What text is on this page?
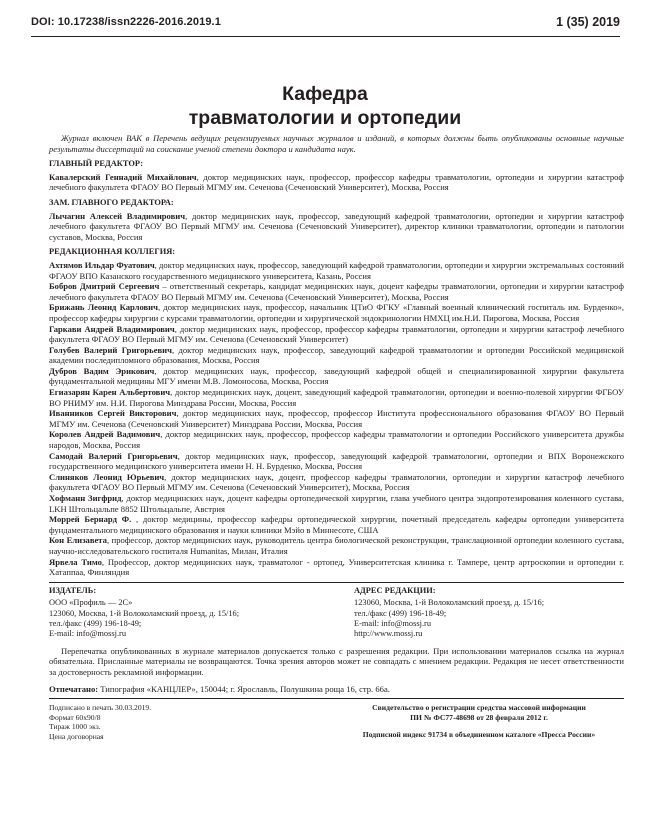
DOI: 10.17238/issn2226-2016.2019.1	1 (35) 2019
Кафедра
травматологии и ортопедии

Журнал включен ВАК в Перечень ведущих рецензируемых научных журналов и изданий, в которых должны быть опубликованы основные научные результаты диссертаций на соискание ученой степени доктора и кандидата наук.

ГЛАВНЫЙ РЕДАКТОР:

Кавалерский Геннадий Михайлович, доктор медицинских наук, профессор, профессор кафедры травматологии, ортопедии и хирургии катастроф лечебного факультета ФГАОУ ВО Первый МГМУ им. Сеченова (Сеченовский Университет), Москва, Россия

ЗАМ. ГЛАВНОГО РЕДАКТОРА:

Лычагин Алексей Владимирович, доктор медицинских наук, профессор, заведующий кафедрой травматологии, ортопедии и хирургии катастроф лечебного факультета ФГАОУ ВО Первый МГМУ им. Сеченова (Сеченовский Университет), директор клиники травматологии, ортопедии и патологии суставов, Москва, Россия

РЕДАКЦИОННАЯ КОЛЛЕГИЯ:

Ахтямов Ильдар Фуатович, доктор медицинских наук, профессор, заведующий кафедрой травматологии, ортопедии и хирургии экстремальных состояний ФГАОУ ВПО Казанского государственного медицинского университета, Казань, Россия

Бобров Дмитрий Сергеевич – ответственный секретарь, кандидат медицинских наук, доцент кафедры травматологии, ортопедии и хирургии катастроф лечебного факультета ФГАОУ ВО Первый МГМУ им. Сеченова (Сеченовский Университет), Москва, Россия

Брижань Леонид Карлович, доктор медицинских наук, профессор, начальник ЦТиО ФГКУ «Главный военный клинический госпиталь им. Бурденко», профессор кафедры хирургии с курсами травматологии, ортопедии и хирургической эндокринологии НМХЦ им.Н.И. Пирогова, Москва, Россия

Гаркави Андрей Владимирович, доктор медицинских наук, профессор, профессор кафедры травматологии, ортопедии и хирургии катастроф лечебного факультета ФГАОУ ВО Первый МГМУ им. Сеченова (Сеченовский Университет)

Голубев Валерий Григорьевич, доктор медицинских наук, профессор, заведующий кафедрой травматологии и ортопедии Российской медицинской академии последипломного образования, Москва, Россия

Дубров Вадим Эрикович, доктор медицинских наук, профессор, заведующий кафедрой общей и специализированной хирургии факультета фундаментальной медицины МГУ имени М.В. Ломоносова, Москва, Россия

Егиазарян Карен Альбертович, доктор медицинских наук, доцент, заведующий кафедрой травматологии, ортопедии и военно-полевой хирургии ФГБОУ ВО РНИМУ им. Н.И. Пирогова Минздрава России, Москва, Россия

Иванников Сергей Викторович, доктор медицинских наук, профессор, профессор Института профессионального образования ФГАОУ ВО Первый МГМУ им. Сеченова (Сеченовский Университет) Минздрава России, Москва, Россия

Королев Андрей Вадимович, доктор медицинских наук, профессор, профессор кафедры травматологии и ортопедии Российского университета дружбы народов, Москва, Россия

Самодай Валерий Григорьевич, доктор медицинских наук, профессор, заведующий кафедрой травматологии, ортопедии и ВПХ Воронежского государственного медицинского университета имени Н. Н. Бурденко, Москва, Россия

Слиняков Леонид Юрьевич, доктор медицинских наук, доцент, профессор кафедры травматологии, ортопедии и хирургии катастроф лечебного факультета ФГАОУ ВО Первый МГМУ им. Сеченова (Сеченовский Университет), Москва, Россия

Хофманн Зигфрид, доктор медицинских наук, доцент кафедры ортопедической хирургии, глава учебного центра эндопротезирования коленного сустава, LKH Штольцальпе 8852 Штольцальпе, Австрия

Моррей Бернард Ф. , доктор медицины, профессор кафедры ортопедической хирургии, почетный председатель кафедры ортопедии университета фундаментального медицинского образования и науки клиники Мэйо в Миннесоте, США

Кон Елизавета, профессор, доктор медицинских наук, руководитель центра биологической реконструкции, транслационной ортопедии коленного сустава, научно-исследовательского госпиталя Humanitas, Милан, Италия

Ярвела Тимо, Профессор, доктор медицинских наук, травматолог - ортопед, Университетская клиника г. Тампере, центр артроскопии и ортопедии г. Хатаппаа, Финляндия

ИЗДАТЕЛЬ:
ООО «Профиль — 2С»
123060, Москва, 1-й Волоколамский проезд, д. 15/16;
тел./факс (499) 196-18-49;
E-mail: info@mossj.ru
АДРЕС РЕДАКЦИИ:
123060, Москва, 1-й Волоколамский проезд, д. 15/16;
тел./факс (499) 196-18-49;
E-mail: info@mossj.ru
http://www.mossj.ru

Перепечатка опубликованных в журнале материалов допускается только с разрешения редакции. При использовании материалов ссылка на журнал обязательна. Присланные материалы не возвращаются. Точка зрения авторов может не совпадать с мнением редакции. Редакция не несет ответственности за достоверность рекламной информации.

Отпечатано: Типография «КАНЦЛЕР», 150044; г. Ярославль, Полушкина роща 16, стр. 66а.

Подписано в печать 30.03.2019.
Формат 60х90/8
Тираж 1000 экз.
Цена договорная
Свидетельство о регистрации средства массовой информации
ПИ № ФС77-48698 от 28 февраля 2012 г.
Подписной индекс 91734 в объединенном каталоге «Пресса России»
